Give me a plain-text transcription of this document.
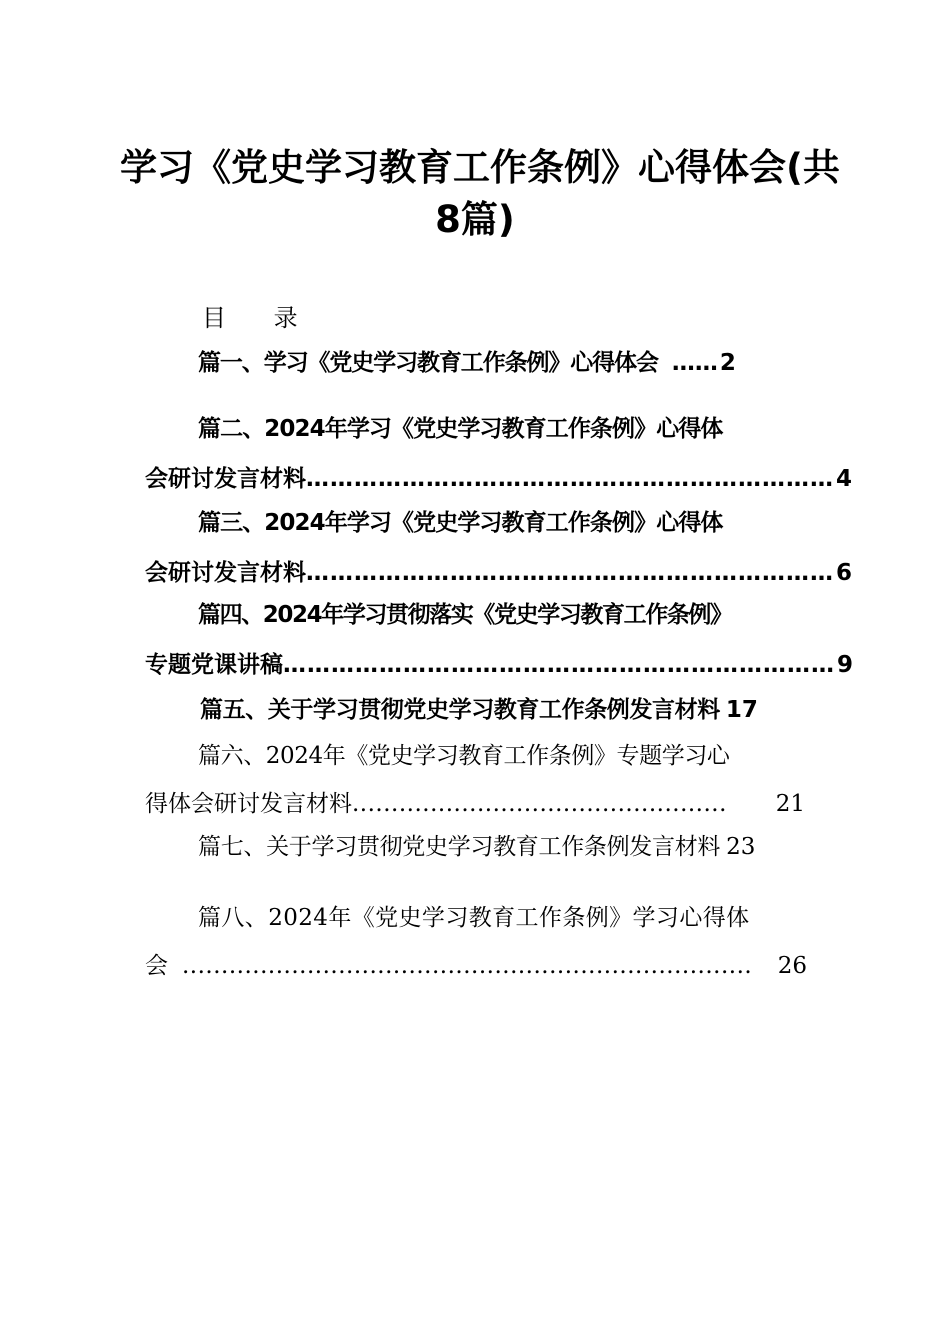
学习《党史学习教育工作条例》心得体会(共
8篇)
目 录
篇一、学习《党史学习教育工作条例》心得体会 …… 2
篇二、2024年学习《党史学习教育工作条例》心得体
会研讨发言材料 ………………………………………………………… 4
篇三、2024年学习《党史学习教育工作条例》心得体
会研讨发言材料 ………………………………………………………… 6
篇四、2024年学习贯彻落实《党史学习教育工作条例》
专题党课讲稿 …………………………………………………………… 9
篇五、关于学习贯彻党史学习教育工作条例发言材料 17
篇六、2024年《党史学习教育工作条例》专题学习心
得体会研讨发言材料 ................................................	21
篇七、关于学习贯彻党史学习教育工作条例发言材料 23
篇八、2024年《党史学习教育工作条例》学习心得体
会 .........................................................................	26
